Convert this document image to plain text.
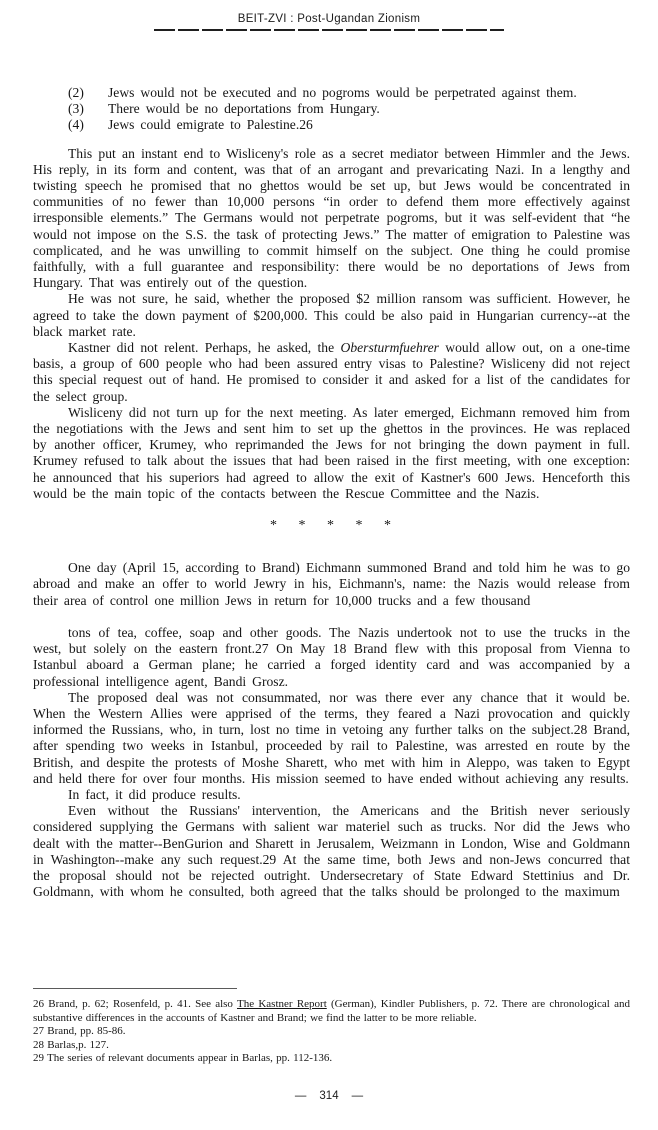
BEIT-ZVI : Post-Ugandan Zionism

(2) Jews would not be executed and no pogroms would be perpetrated against them.

(3) There would be no deportations from Hungary.

(4) Jews could emigrate to Palestine.26

This put an instant end to Wisliceny's role as a secret mediator between Himmler and the Jews. His reply, in its form and content, was that of an arrogant and prevaricating Nazi. In a lengthy and twisting speech he promised that no ghettos would be set up, but Jews would be concentrated in communities of no fewer than 10,000 persons “in order to defend them more effectively against irresponsible elements.” The Germans would not perpetrate pogroms, but it was self-evident that “he would not impose on the S.S. the task of protecting Jews.” The matter of emigration to Palestine was complicated, and he was unwilling to commit himself on the subject. One thing he could promise faithfully, with a full guarantee and responsibility: there would be no deportations of Jews from Hungary. That was entirely out of the question.

He was not sure, he said, whether the proposed $2 million ransom was sufficient. However, he agreed to take the down payment of $200,000. This could be also paid in Hungarian currency--at the black market rate.

Kastner did not relent. Perhaps, he asked, the Obersturmfuehrer would allow out, on a one-time basis, a group of 600 people who had been assured entry visas to Palestine? Wisliceny did not reject this special request out of hand. He promised to consider it and asked for a list of the candidates for the select group.

Wisliceny did not turn up for the next meeting. As later emerged, Eichmann removed him from the negotiations with the Jews and sent him to set up the ghettos in the provinces. He was replaced by another officer, Krumey, who reprimanded the Jews for not bringing the down payment in full. Krumey refused to talk about the issues that had been raised in the first meeting, with one exception: he announced that his superiors had agreed to allow the exit of Kastner's 600 Jews. Henceforth this would be the main topic of the contacts between the Rescue Committee and the Nazis.

* * * * *

One day (April 15, according to Brand) Eichmann summoned Brand and told him he was to go abroad and make an offer to world Jewry in his, Eichmann's, name: the Nazis would release from their area of control one million Jews in return for 10,000 trucks and a few thousand

tons of tea, coffee, soap and other goods. The Nazis undertook not to use the trucks in the west, but solely on the eastern front.27 On May 18 Brand flew with this proposal from Vienna to Istanbul aboard a German plane; he carried a forged identity card and was accompanied by a professional intelligence agent, Bandi Grosz.

The proposed deal was not consummated, nor was there ever any chance that it would be. When the Western Allies were apprised of the terms, they feared a Nazi provocation and quickly informed the Russians, who, in turn, lost no time in vetoing any further talks on the subject.28 Brand, after spending two weeks in Istanbul, proceeded by rail to Palestine, was arrested en route by the British, and despite the protests of Moshe Sharett, who met with him in Aleppo, was taken to Egypt and held there for over four months. His mission seemed to have ended without achieving any results.

In fact, it did produce results.

Even without the Russians' intervention, the Americans and the British never seriously considered supplying the Germans with salient war materiel such as trucks. Nor did the Jews who dealt with the matter--BenGurion and Sharett in Jerusalem, Weizmann in London, Wise and Goldmann in Washington--make any such request.29 At the same time, both Jews and non-Jews concurred that the proposal should not be rejected outright. Undersecretary of State Edward Stettinius and Dr. Goldmann, with whom he consulted, both agreed that the talks should be prolonged to the maximum

26 Brand, p. 62; Rosenfeld, p. 41. See also The Kastner Report (German), Kindler Publishers, p. 72. There are chronological and substantive differences in the accounts of Kastner and Brand; we find the latter to be more reliable.

27 Brand, pp. 85-86.

28 Barlas,p. 127.

29 The series of relevant documents appear in Barlas, pp. 112-136.

— 314 —
